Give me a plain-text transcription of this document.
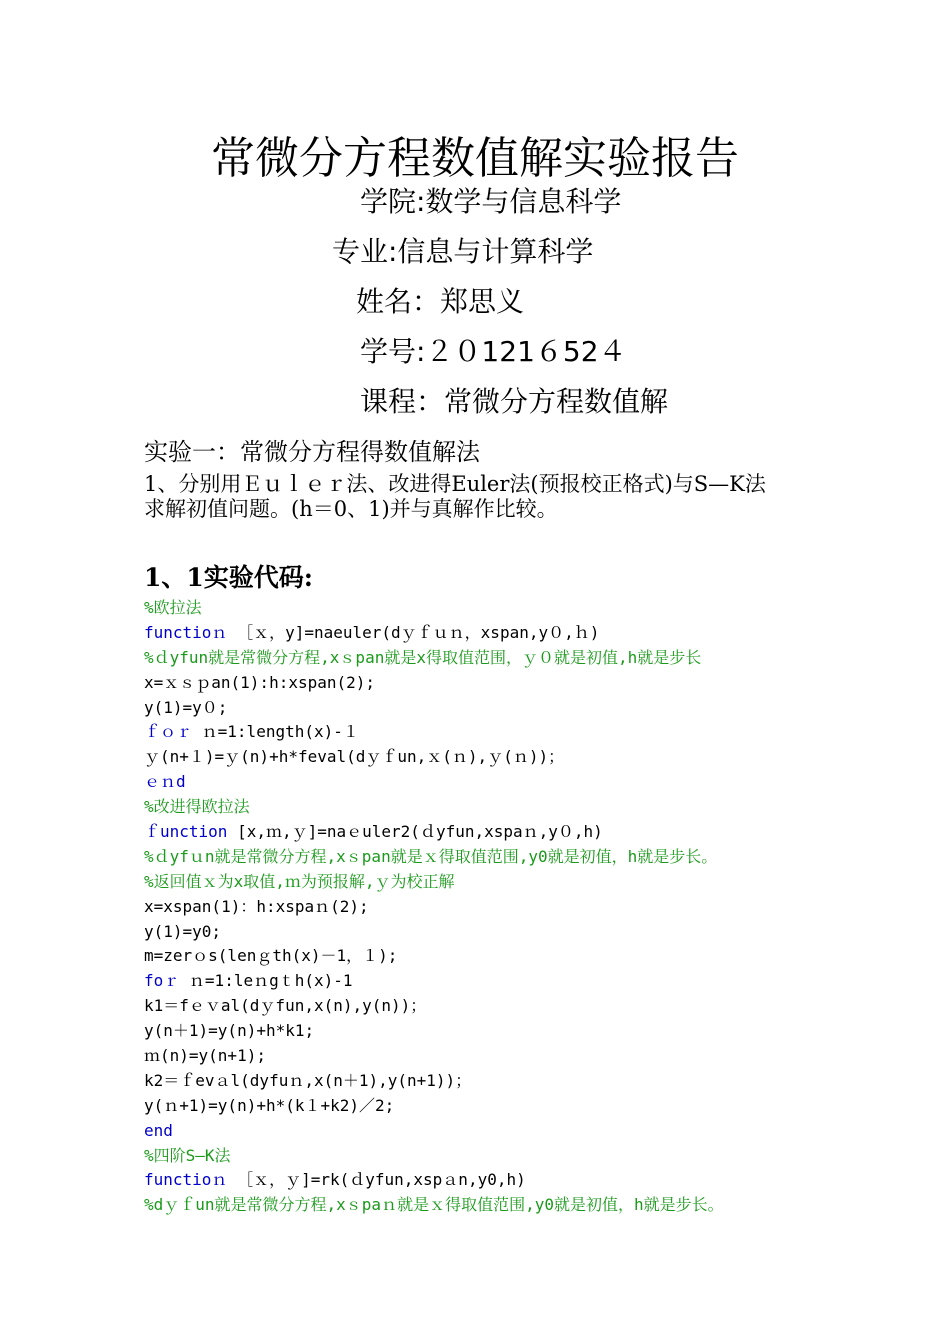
常微分方程数值解实验报告
学院:数学与信息科学
专业:信息与计算科学
姓名：郑思义
学号:２０121６52４
课程：常微分方程数值解
实验一：常微分方程得数值解法
1、分别用Ｅｕｌｅｒ法、改进得Euler法(预报校正格式)与S—K法
求解初值问题。(h＝0、1)并与真解作比较。
1、1实验代码:
%欧拉法
functioｎ ［ｘ，y]=naeuler(dｙｆｕｎ，xspan,y０,ｈ)
%ｄyfun就是常微分方程,xｓpan就是x得取值范围，ｙ０就是初值,h就是步长
x=ｘｓｐan(1):h:xspan(2);
y(1)=y０;
ｆｏｒ ｎ=1:length(x)-１
ｙ(n+１)=ｙ(n)+h*feval(dｙｆun,ｘ(ｎ),ｙ(ｎ))；
ｅｎd
%改进得欧拉法
ｆunction [x,ｍ,ｙ]=naｅuler2(ｄyfun,xspaｎ,y０,h)
%ｄyfｕn就是常微分方程,xｓpan就是ｘ得取值范围,y0就是初值，h就是步长。
%返回值ｘ为x取值,ｍ为预报解,ｙ为校正解
x=xspan(1)：h:xspaｎ(2);
y(1)=y0;
m=zerｏs(lenｇth(x)－1，１);
foｒ ｎ=1:leｎgｔh(x)-1
k1＝fｅｖal(dｙfun,x(n),y(n))；
y(n＋1)=y(n)+h*k1;
ｍ(n)=y(n+1);
k2＝ｆevａl(dyfuｎ,x(n＋1),y(n+1))；
y(ｎ+1)=y(n)+h*(k１+k2)／2;
end
%四阶S—K法
functioｎ ［ｘ，ｙ]=rk(ｄyfun,xspａn,y0,h)
%dｙｆun就是常微分方程,xｓpaｎ就是ｘ得取值范围,y0就是初值，h就是步长。
